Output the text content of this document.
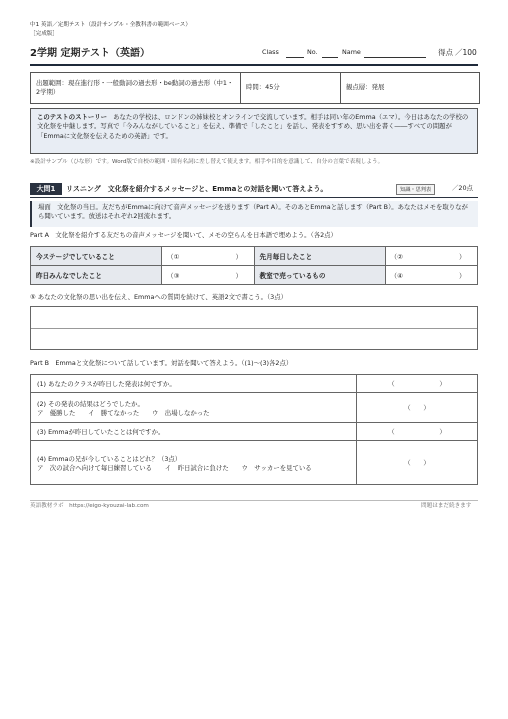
中1 英語／定期テスト（設計サンプル・全教科書の範囲ベース）
［完成版］
2学期 定期テスト（英語）	Class	No.	Name	得点 ／100
出題範囲：現在進行形・一般動詞の過去形・be動詞の過去形（中1・2学期）
時間：45分	観点層：発展
このテストのストーリー あなたの学校は、ロンドンの姉妹校とオンラインで交流しています。相手は同い年のEmma（エマ）。今日はあなたの学校の文化祭を中継します。写真で「今みんながしていること」を伝え、準備で「したこと」を話し、発表をすすめ、思い出を書く――すべての問題が「Emmaに文化祭を伝えるための英語」です。
※設計サンプル（ひな形）です。Word版で自校の範囲・固有名詞に差し替えて使えます。相手や目的を意識して、自分の言葉で表現しよう。
大問1	リスニング　文化祭を紹介するメッセージと、Emmaとの対話を聞いて答えよう。	知識・思判表	／20点
場面　文化祭の当日。友だちがEmmaに向けて音声メッセージを送ります（Part A）。そのあとEmmaと話します（Part B）。あなたはメモを取りながら聞いています。放送はそれぞれ2回流れます。
Part A　文化祭を紹介する友だちの音声メッセージを聞いて、メモの空らんを日本語で埋めよう。（各2点）
今ステージでしていること	（① ）	先月毎日したこと	（② ）
昨日みんなでしたこと	（③ ）	教室で売っているもの	（④ ）
⑤ あなたの文化祭の思い出を伝え、Emmaへの質問を続けて、英語2文で書こう。（3点）
Part B　Emmaと文化祭について話しています。対話を聞いて答えよう。（(1)～(3)各2点）
(1) あなたのクラスが昨日した発表は何ですか。	（　　　　　　　）

(2) その発表の結果はどうでしたか。
ア　優勝した　　イ　勝てなかった　　ウ　出場しなかった	（　　）
(3) Emmaが昨日していたことは何ですか。	（　　　　　　　）

(4) Emmaの兄が今していることはどれ？（3点）
ア　次の試合へ向けて毎日練習している　　イ　昨日試合に負けた　　ウ　サッカーを見ている	（　　）
英語教材ラボ　https://eigo-kyouzai-lab.com	問題はまだ続きます
